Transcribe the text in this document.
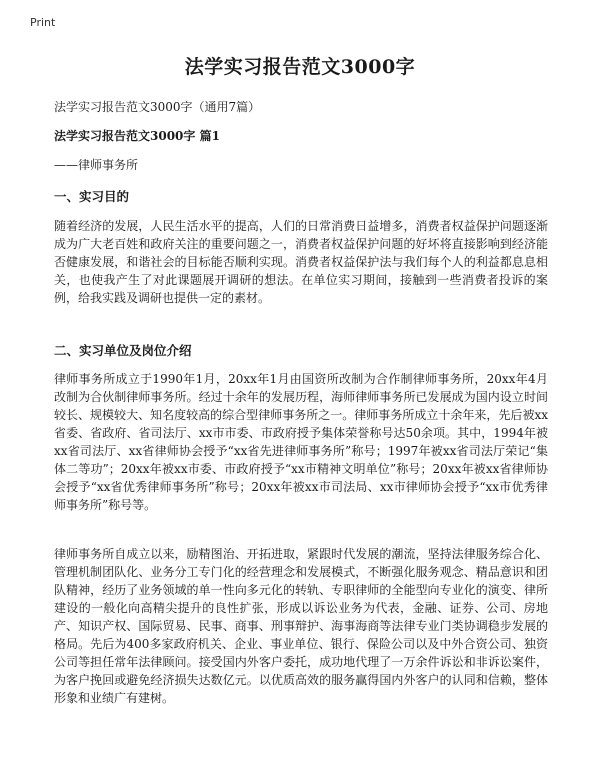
Print
法学实习报告范文3000字
法学实习报告范文3000字（通用7篇）
法学实习报告范文3000字 篇1
——律师事务所
一、实习目的
随着经济的发展，人民生活水平的提高，人们的日常消费日益增多，消费者权益保护问题逐渐成为广大老百姓和政府关注的重要问题之一，消费者权益保护问题的好坏将直接影响到经济能否健康发展，和谐社会的目标能否顺利实现。消费者权益保护法与我们每个人的利益都息息相关，也使我产生了对此课题展开调研的想法。在单位实习期间，接触到一些消费者投诉的案例，给我实践及调研也提供一定的素材。
二、实习单位及岗位介绍
律师事务所成立于1990年1月，20xx年1月由国资所改制为合作制律师事务所，20xx年4月改制为合伙制律师事务所。经过十余年的发展历程，海师律师事务所已发展成为国内设立时间较长、规模较大、知名度较高的综合型律师事务所之一。律师事务所成立十余年来，先后被xx省委、省政府、省司法厅、xx市市委、市政府授予集体荣誉称号达50余项。其中，1994年被xx省司法厅、xx省律师协会授予“xx省先进律师事务所”称号；1997年被xx省司法厅荣记“集体二等功”；20xx年被xx市委、市政府授予“xx市精神文明单位”称号；20xx年被xx省律师协会授予“xx省优秀律师事务所”称号；20xx年被xx市司法局、xx市律师协会授予“xx市优秀律师事务所”称号等。
律师事务所自成立以来，励精图治、开拓进取，紧跟时代发展的潮流，坚持法律服务综合化、管理机制团队化、业务分工专门化的经营理念和发展模式，不断强化服务观念、精品意识和团队精神，经历了业务领域的单一性向多元化的转轨、专职律师的全能型向专业化的演变、律所建设的一般化向高精尖提升的良性扩张，形成以诉讼业务为代表，金融、证券、公司、房地产、知识产权、国际贸易、民事、商事、刑事辩护、海事海商等法律专业门类协调稳步发展的格局。先后为400多家政府机关、企业、事业单位、银行、保险公司以及中外合资公司、独资公司等担任常年法律顾问。接受国内外客户委托，成功地代理了一万余件诉讼和非诉讼案件，为客户挽回或避免经济损失达数亿元。以优质高效的服务赢得国内外客户的认同和信赖，整体形象和业绩广有建树。
